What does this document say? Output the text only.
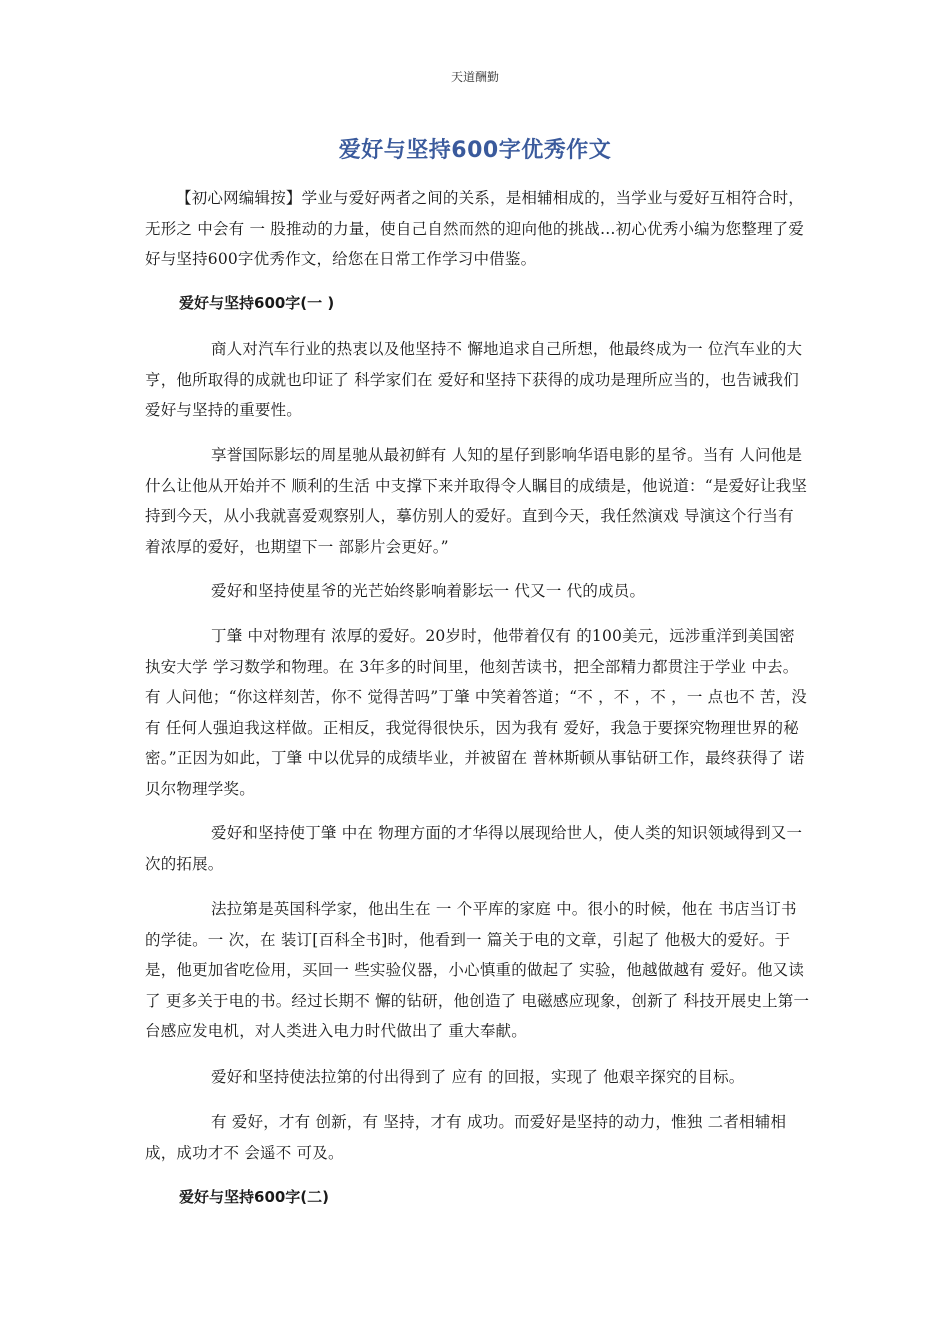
天道酬勤
爱好与坚持600字优秀作文

【初心网编辑按】学业与爱好两者之间的关系，是相辅相成的，当学业与爱好互相符合时，无形之 中会有 一 股推动的力量，使自己自然而然的迎向他的挑战…初心优秀小编为您整理了爱好与坚持600字优秀作文，给您在日常工作学习中借鉴。

爱好与坚持600字(一 )

商人对汽车行业的热衷以及他坚持不 懈地追求自己所想，他最终成为一 位汽车业的大亨，他所取得的成就也印证了 科学家们在 爱好和坚持下获得的成功是理所应当的，也告诫我们爱好与坚持的重要性。

享誉国际影坛的周星驰从最初鲜有 人知的星仔到影响华语电影的星爷。当有 人问他是什么让他从开始并不 顺利的生活 中支撑下来并取得令人瞩目的成绩是，他说道：“是爱好让我坚持到今天，从小我就喜爱观察别人，摹仿别人的爱好。直到今天，我任然演戏 导演这个行当有 着浓厚的爱好，也期望下一 部影片会更好。”

爱好和坚持使星爷的光芒始终影响着影坛一 代又一 代的成员。

丁肇 中对物理有 浓厚的爱好。20岁时，他带着仅有 的100美元，远涉重洋到美国密执安大学 学习数学和物理。在 3年多的时间里，他刻苦读书，把全部精力都贯注于学业 中去。有 人问他；“你这样刻苦，你不 觉得苦吗”丁肇 中笑着答道；“不 ，不 ，不 ，一 点也不 苦，没有 任何人强迫我这样做。正相反，我觉得很快乐，因为我有 爱好，我急于要探究物理世界的秘密。”正因为如此，丁肇 中以优异的成绩毕业，并被留在 普林斯顿从事钻研工作，最终获得了 诺贝尔物理学奖。

爱好和坚持使丁肇 中在 物理方面的才华得以展现给世人，使人类的知识领域得到又一 次的拓展。

法拉第是英国科学家，他出生在 一 个平库的家庭 中。很小的时候，他在 书店当订书的学徒。一 次，在 装订[百科全书]时，他看到一 篇关于电的文章，引起了 他极大的爱好。于是，他更加省吃俭用，买回一 些实验仪器，小心慎重的做起了 实验，他越做越有 爱好。他又读了 更多关于电的书。经过长期不 懈的钻研，他创造了 电磁感应现象，创新了 科技开展史上第一 台感应发电机，对人类进入电力时代做出了 重大奉献。

爱好和坚持使法拉第的付出得到了 应有 的回报，实现了 他艰辛探究的目标。

有 爱好，才有 创新，有 坚持，才有 成功。而爱好是坚持的动力，惟独 二者相辅相成，成功才不 会遥不 可及。

爱好与坚持600字(二)
